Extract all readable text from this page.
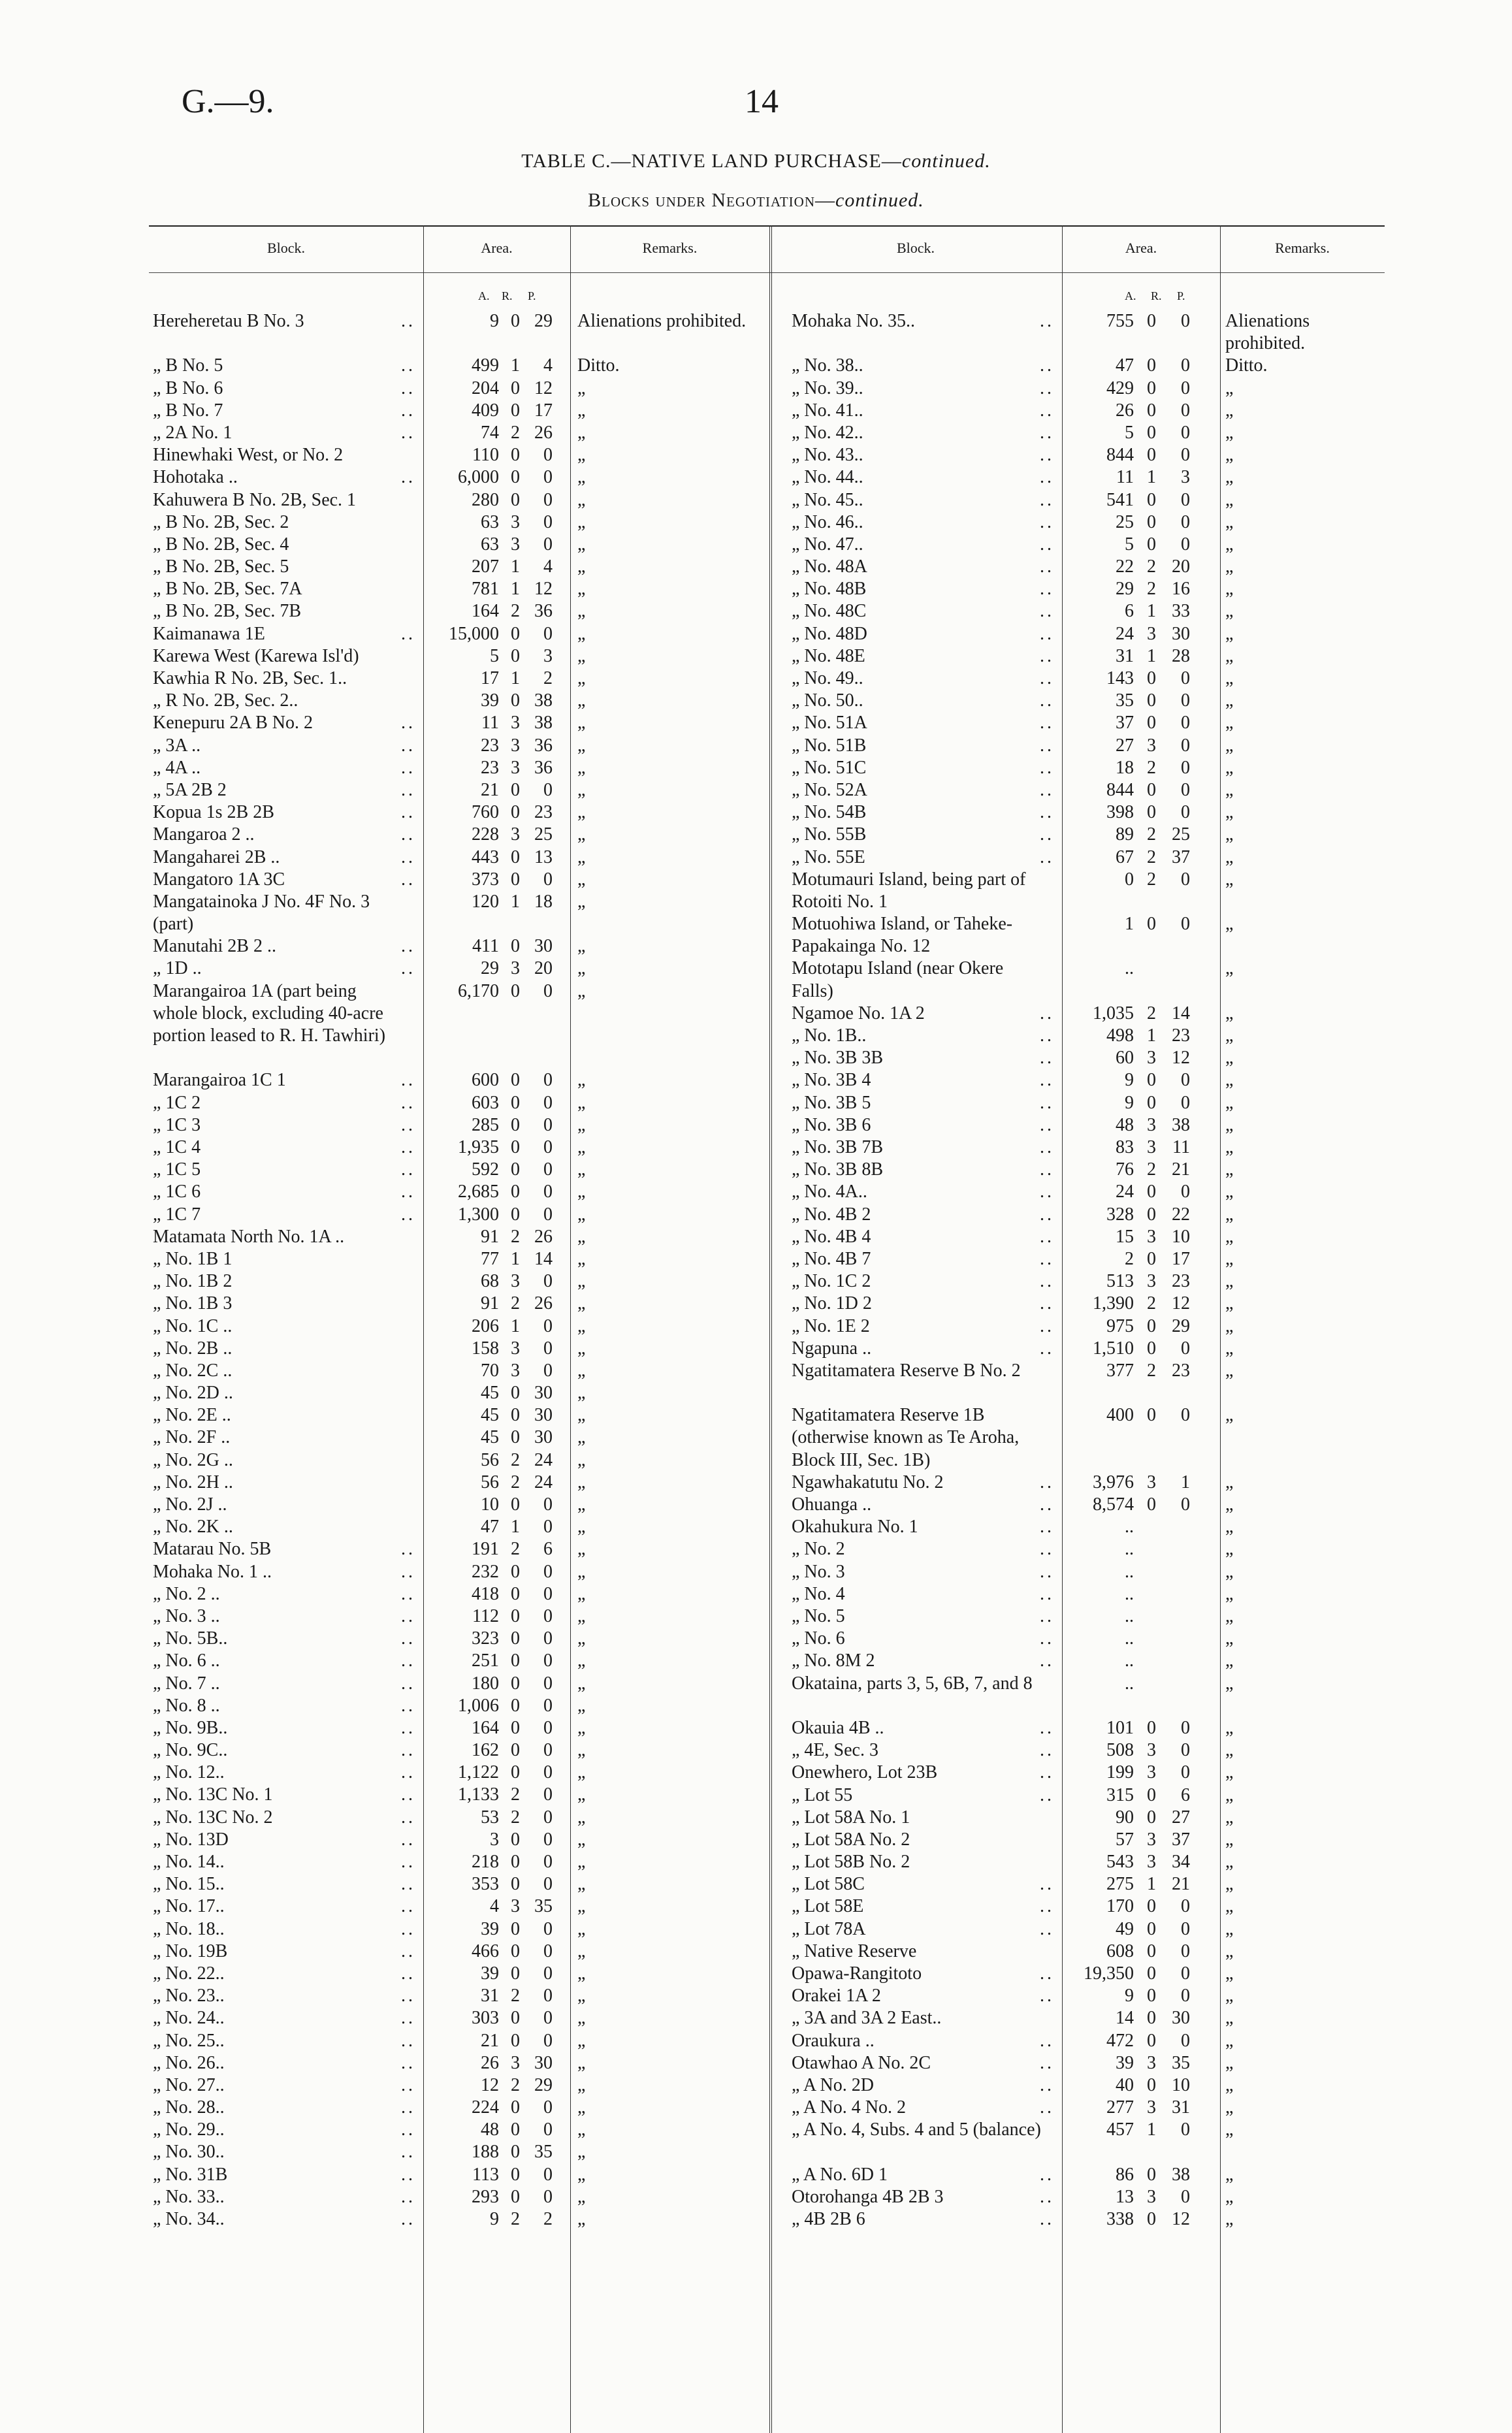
G.—9.	14
TABLE C.—NATIVE LAND PURCHASE—continued.
Blocks under Negotiation—continued.
Block.	Area.	Remarks.	Block.	Area.	Remarks.
A. R. P.	A. R. P.
Hereheretau B No. 3	..	9 0 29 Alienations prohibited.
„ B No. 5	..	499 1	4 Ditto.
„ B No. 6	..	204 0 12 „
„ B No. 7	..	409 0 17 „
„ 2A No. 1	..	74 2 26 „
Hinewhaki West, or No. 2	110 0	0 „
Hohotaka ..	..	6,000 0	0 „
Kahuwera B No. 2B, Sec. 1	280 0	0 „
„ B No. 2B, Sec. 2	63 3	0 „
„ B No. 2B, Sec. 4	63 3	0 „
„ B No. 2B, Sec. 5	207 1	4 „
„ B No. 2B, Sec. 7A	781 1 12 „
„ B No. 2B, Sec. 7B	164 2 36 „
Kaimanawa 1E	..	15,000 0	0 „
Karewa West (Karewa Isl'd)	5 0	3 „
Kawhia R No. 2B, Sec. 1..	17 1	2 „
„ R No. 2B, Sec. 2..	39 0 38 „
Kenepuru 2A B No. 2	..	11 3 38 „
„ 3A ..	..	23 3 36 „
„ 4A ..	..	23 3 36 „
„ 5A 2B 2	..	21 0	0 „
Kopua 1s 2B 2B	..	760 0 23 „
Mangaroa 2 ..	..	228 3 25 „
Mangaharei 2B ..	..	443 0 13 „
Mangatoro 1A 3C	..	373 0	0 „
Mangatainoka J No. 4F No. 3 (part)
120 1 18 „
Manutahi 2B 2 ..	..	411 0 30 „
„ 1D ..	..	29 3 20 „
Marangairoa 1A (part being whole block, excluding 40-acre portion leased to R. H. Tawhiri)
6,170 0	0 „
Marangairoa 1C 1	..	600 0	0 „
„ 1C 2	..	603 0	0 „
„ 1C 3	..	285 0	0 „
„ 1C 4	..	1,935 0	0 „
„ 1C 5	..	592 0	0 „
„ 1C 6	..	2,685 0	0 „
„ 1C 7	..	1,300 0	0 „
Matamata North No. 1A ..	91 2 26 „
„ No. 1B 1	77 1 14 „
„ No. 1B 2	68 3	0 „
„ No. 1B 3	91 2 26 „
„ No. 1C ..	206 1	0 „
„ No. 2B ..	158 3	0 „
„ No. 2C ..	70 3	0 „
„ No. 2D ..	45 0 30 „
„ No. 2E ..	45 0 30 „
„ No. 2F ..	45 0 30 „
„ No. 2G ..	56 2 24 „
„ No. 2H ..	56 2 24 „
„ No. 2J ..	10 0	0 „
„ No. 2K ..	47 1	0 „
Matarau No. 5B	..	191 2	6 „
Mohaka No. 1 ..	..	232 0	0 „
„ No. 2 ..	..	418 0	0 „
„ No. 3 ..	..	112 0	0 „
„ No. 5B..	..	323 0	0 „
„ No. 6 ..	..	251 0	0 „
„ No. 7 ..	..	180 0	0 „
„ No. 8 ..	..	1,006 0	0 „
„ No. 9B..	..	164 0	0 „
„ No. 9C..	..	162 0	0 „
„ No. 12..	..	1,122 0	0 „
„ No. 13C No. 1	..	1,133 2	0 „
„ No. 13C No. 2	..	53 2	0 „
„ No. 13D	..	3 0	0 „
„ No. 14..	..	218 0	0 „
„ No. 15..	..	353 0	0 „
„ No. 17..	..	4 3 35 „
„ No. 18..	..	39 0	0 „
„ No. 19B	..	466 0	0 „
„ No. 22..	..	39 0	0 „
„ No. 23..	..	31 2	0 „
„ No. 24..	..	303 0	0 „
„ No. 25..	..	21 0	0 „
„ No. 26..	..	26 3 30 „
„ No. 27..	..	12 2 29 „
„ No. 28..	..	224 0	0 „
„ No. 29..	..	48 0	0 „
„ No. 30..	..	188 0 35 „
„ No. 31B	..	113 0	0 „
„ No. 33..	..	293 0	0 „
„ No. 34..	..	9 2	2 „
Mohaka No. 35..	..	755 0	0 Alienations prohibited.
„ No. 38..	..	47 0	0 Ditto.
„ No. 39..	..	429 0	0 „
„ No. 41..	..	26 0	0 „
„ No. 42..	..	5 0	0 „
„ No. 43..	..	844 0	0 „
„ No. 44..	..	11 1	3 „
„ No. 45..	..	541 0	0 „
„ No. 46..	..	25 0	0 „
„ No. 47..	..	5 0	0 „
„ No. 48A	..	22 2 20 „
„ No. 48B	..	29 2 16 „
„ No. 48C	..	6 1 33 „
„ No. 48D	..	24 3 30 „
„ No. 48E	..	31 1 28 „
„ No. 49..	..	143 0	0 „
„ No. 50..	..	35 0	0 „
„ No. 51A	..	37 0	0 „
„ No. 51B	..	27 3	0 „
„ No. 51C	..	18 2	0 „
„ No. 52A	..	844 0	0 „
„ No. 54B	..	398 0	0 „
„ No. 55B	..	89 2 25 „
„ No. 55E	..	67 2 37 „
Motumauri Island, being part of Rotoiti No. 1
0 2	0 „
Motuohiwa Island, or Taheke-Papakainga No. 12
1 0	0 „
Mototapu Island (near Okere Falls)
..	„
Ngamoe No. 1A 2	..	1,035 2 14 „
„ No. 1B..	..	498 1 23 „
„ No. 3B 3B	..	60 3 12 „
„ No. 3B 4	..	9 0	0 „
„ No. 3B 5	..	9 0	0 „
„ No. 3B 6	..	48 3 38 „
„ No. 3B 7B	..	83 3 11 „
„ No. 3B 8B	..	76 2 21 „
„ No. 4A..	..	24 0	0 „
„ No. 4B 2	..	328 0 22 „
„ No. 4B 4	..	15 3 10 „
„ No. 4B 7	..	2 0 17 „
„ No. 1C 2	..	513 3 23 „
„ No. 1D 2	..	1,390 2 12 „
„ No. 1E 2	..	975 0 29 „
Ngapuna ..	..	1,510 0	0 „
Ngatitamatera Reserve B No. 2	377 2 23 „
Ngatitamatera Reserve 1B (otherwise known as Te Aroha, Block III, Sec. 1B)
400 0	0 „
Ngawhakatutu No. 2	..	3,976 3	1 „
Ohuanga ..	..	8,574 0	0 „
Okahukura No. 1	..	..	„
„ No. 2	..	..	„
„ No. 3	..	..	„
„ No. 4	..	..	„
„ No. 5	..	..	„
„ No. 6	..	..	„
„ No. 8M 2	..	..	„
Okataina, parts 3, 5, 6B, 7, and 8	..	„
Okauia 4B ..	..	101 0	0 „
„ 4E, Sec. 3	..	508 3	0 „
Onewhero, Lot 23B	..	199 3	0 „
„ Lot 55	..	315 0	6 „
„ Lot 58A No. 1	90 0 27 „
„ Lot 58A No. 2	57 3 37 „
„ Lot 58B No. 2	543 3 34 „
„ Lot 58C	..	275 1 21 „
„ Lot 58E	..	170 0	0 „
„ Lot 78A	..	49 0	0 „
„ Native Reserve	608 0	0 „
Opawa-Rangitoto	..	19,350 0	0 „
Orakei 1A 2	..	9 0	0 „
„ 3A and 3A 2 East..	14 0 30 „
Oraukura ..	..	472 0	0 „
Otawhao A No. 2C	..	39 3 35 „
„ A No. 2D	..	40 0 10 „
„ A No. 4 No. 2	..	277 3 31 „
„ A No. 4, Subs. 4 and 5 (balance)	457 1	0 „
„ A No. 6D 1	..	86 0 38 „
Otorohanga 4B 2B 3	..	13 3	0 „
„ 4B 2B 6	..	338 0 12 „
